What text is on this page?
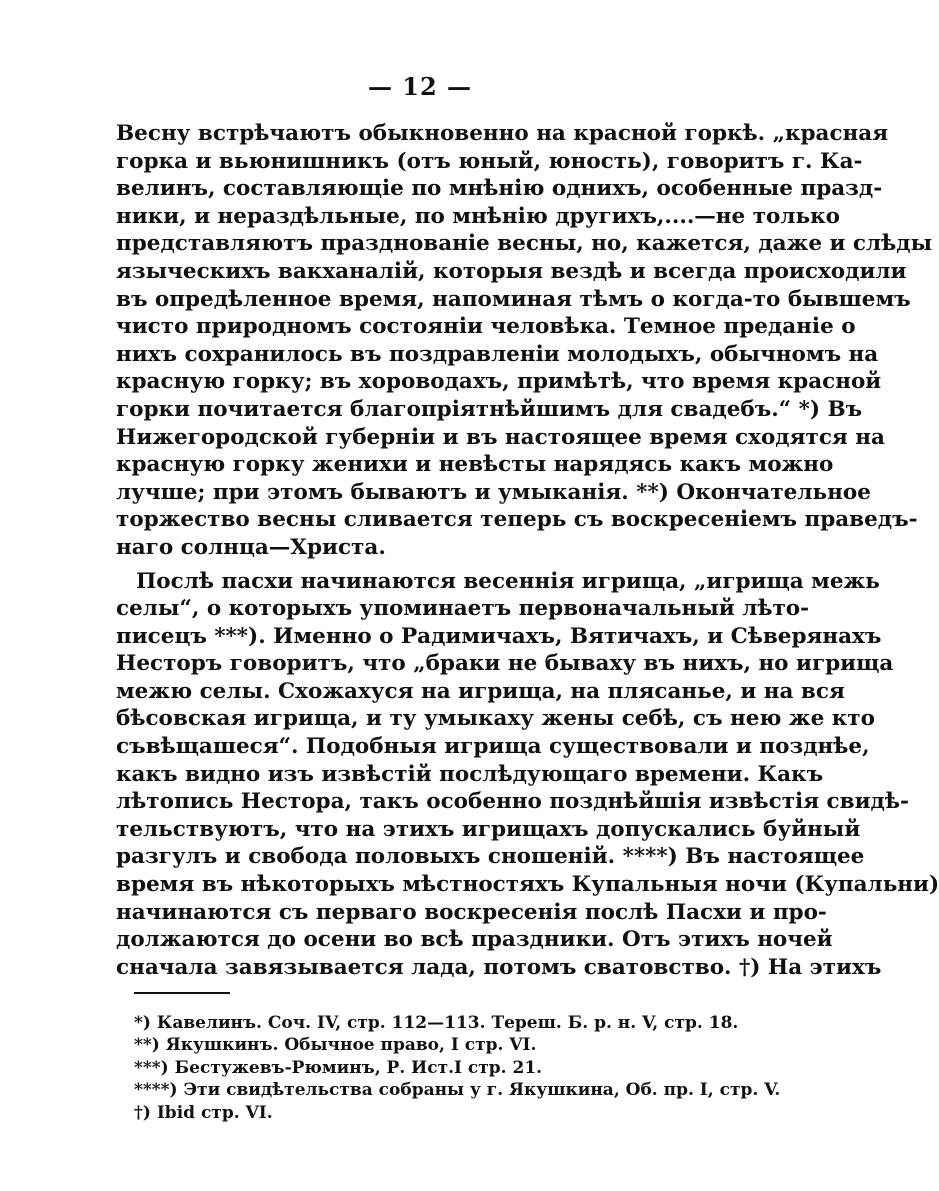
— 12 —
Весну встрѣчаютъ обыкновенно на красной горкѣ. „красная
горка и вьюнишникъ (отъ юный, юность), говоритъ г. Ка-
велинъ, составляющіе по мнѣнію однихъ, особенные празд-
ники, и нераздѣльные, по мнѣнію другихъ,....—не только
представляютъ празднованіе весны, но, кажется, даже и слѣды
языческихъ вакханалій, которыя вездѣ и всегда происходили
въ опредѣленное время, напоминая тѣмъ о когда-то бывшемъ
чисто природномъ состояніи человѣка. Темное преданіе о
нихъ сохранилось въ поздравленіи молодыхъ, обычномъ на
красную горку; въ хороводахъ, примѣтѣ, что время красной
горки почитается благопріятнѣйшимъ для свадебъ.“ *) Въ
Нижегородской губерніи и въ настоящее время сходятся на
красную горку женихи и невѣсты нарядясь какъ можно
лучше; при этомъ бываютъ и умыканія. **) Окончательное
торжество весны сливается теперь съ воскресеніемъ праведъ-
наго солнца—Христа.
Послѣ пасхи начинаются весеннія игрища, „игрища межь
селы“, о которыхъ упоминаетъ первоначальный лѣто-
писецъ ***). Именно о Радимичахъ, Вятичахъ, и Сѣверянахъ
Несторъ говоритъ, что „браки не бываху въ нихъ, но игрища
межю селы. Схожахуся на игрища, на плясанье, и на вся
бѣсовская игрища, и ту умыкаху жены себѣ, съ нею же кто
съвѣщашеся“. Подобныя игрища существовали и позднѣе,
какъ видно изъ извѣстій послѣдующаго времени. Какъ
лѣтопись Нестора, такъ особенно позднѣйшія извѣстія свидѣ-
тельствуютъ, что на этихъ игрищахъ допускались буйный
разгулъ и свобода половыхъ сношеній. ****) Въ настоящее
время въ нѣкоторыхъ мѣстностяхъ Купальныя ночи (Купальни)
начинаются съ перваго воскресенія послѣ Пасхи и про-
должаются до осени во всѣ праздники. Отъ этихъ ночей
сначала завязывается лада, потомъ сватовство. †) На этихъ
*) Кавелинъ. Соч. IV, стр. 112—113. Тереш. Б. р. н. V, стр. 18.
**) Якушкинъ. Обычное право, I стр. VI.
***) Бестужевъ-Рюминъ, Р. Ист.I стр. 21.
****) Эти свидѣтельства собраны у г. Якушкина, Об. пр. I, стр. V.
†) Ibid стр. VI.
